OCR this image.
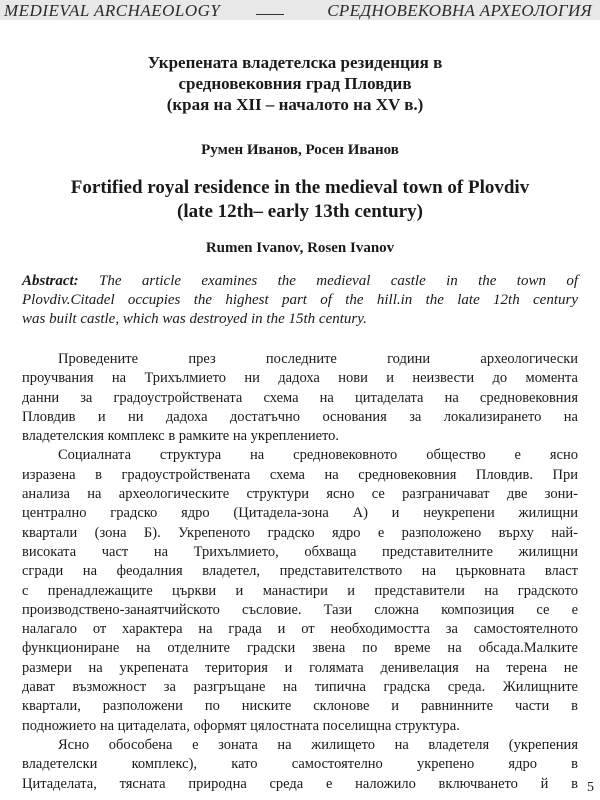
MEDIEVAL ARCHAEOLOGY	СРЕДНОВЕКОВНА АРХЕОЛОГИЯ
Укрепената владетелска резиденция в
средновековния град Пловдив
(края на XII – началото на XV в.)
Румен Иванов, Росен Иванов
Fortified royal residence in the medieval town of Plovdiv
(late 12th– early 13th century)
Rumen Ivanov, Rosen Ivanov
Abstract: The article examines the medieval castle in the town of
Plovdiv.Citadel occupies the highest part of the hill.in the late 12th century
was built castle, which was destroyed in the 15th century.
Проведените през последните години археологически
проучвания на Трихълмието ни дадоха нови и неизвести до момента
данни за градоустройствената схема на цитаделата на средновековния
Пловдив и ни дадоха достатъчно основания за локализирането на
владетелския комплекс в рамките на укреплението.
Социалната структура на средновековното общество е ясно
изразена в градоустройствената схема на средновековния Пловдив. При
анализа на археологическите структури ясно се разграничават две зони-
централно градско ядро (Цитадела-зона А) и неукрепени жилищни
квартали (зона Б). Укрепеното градско ядро е разположено върху най-
високата част на Трихълмието, обхваща представителните жилищни
сгради на феодалния владетел, представителството на църковната власт
с пренадлежащите църкви и манастири и представители на градското
производствено-занаятчийското съсловие. Тази сложна композиция се е
налагало от характера на града и от необходимостта за самостоятелното
функциониране на отделните градски звена по време на обсада.Малките
размери на укрепената територия и голямата денивелация на терена не
дават възможност за разгръщане на типична градска среда. Жилищните
квартали, разположени по ниските склонове и равнинните части в
подножието на цитаделата, оформят цялостната поселищна структура.
Ясно обособена е зоната на жилището на владетеля (укрепения
владетелски комплекс), като самостоятелно укрепено ядро в
Цитаделата, тясната природна среда е наложило включването й в 5
